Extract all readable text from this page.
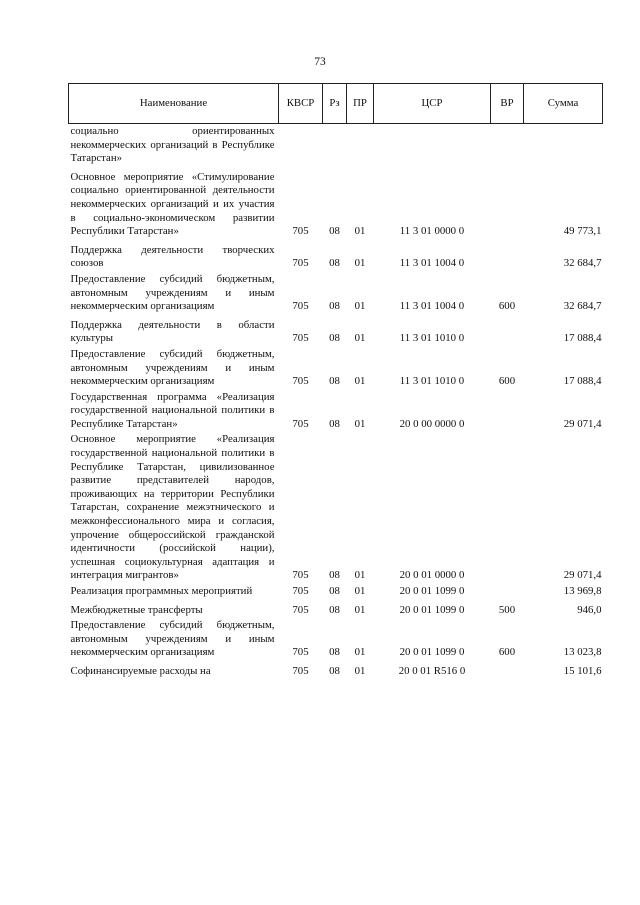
73
Наименование	КВСР	Рз	ПР	ЦСР	ВР	Сумма
социально ориентированных некоммерческих организаций в Республике Татарстан»						
Основное мероприятие «Стимулирование социально ориентированной деятельности некоммерческих организаций и их участия в социально-экономическом развитии Республики Татарстан»	705	08	01	11 3 01 0000 0		49 773,1
Поддержка деятельности творческих союзов	705	08	01	11 3 01 1004 0		32 684,7
Предоставление субсидий бюджетным, автономным учреждениям и иным некоммерческим организациям	705	08	01	11 3 01 1004 0	600	32 684,7
Поддержка деятельности в области культуры	705	08	01	11 3 01 1010 0		17 088,4
Предоставление субсидий бюджетным, автономным учреждениям и иным некоммерческим организациям	705	08	01	11 3 01 1010 0	600	17 088,4
Государственная программа «Реализация государственной национальной политики в Республике Татарстан»	705	08	01	20 0 00 0000 0		29 071,4
Основное мероприятие «Реализация государственной национальной политики в Республике Татарстан, цивилизованное развитие представителей народов, проживающих на территории Республики Татарстан, сохранение межэтнического и межконфессионального мира и согласия, упрочение общероссийской гражданской идентичности (российской нации), успешная социокультурная адаптация и интеграция мигрантов»	705	08	01	20 0 01 0000 0		29 071,4
Реализация программных мероприятий	705	08	01	20 0 01 1099 0		13 969,8
Межбюджетные трансферты	705	08	01	20 0 01 1099 0	500	946,0
Предоставление субсидий бюджетным, автономным учреждениям и иным некоммерческим организациям	705	08	01	20 0 01 1099 0	600	13 023,8
Софинансируемые расходы на	705	08	01	20 0 01 R516 0		15 101,6
